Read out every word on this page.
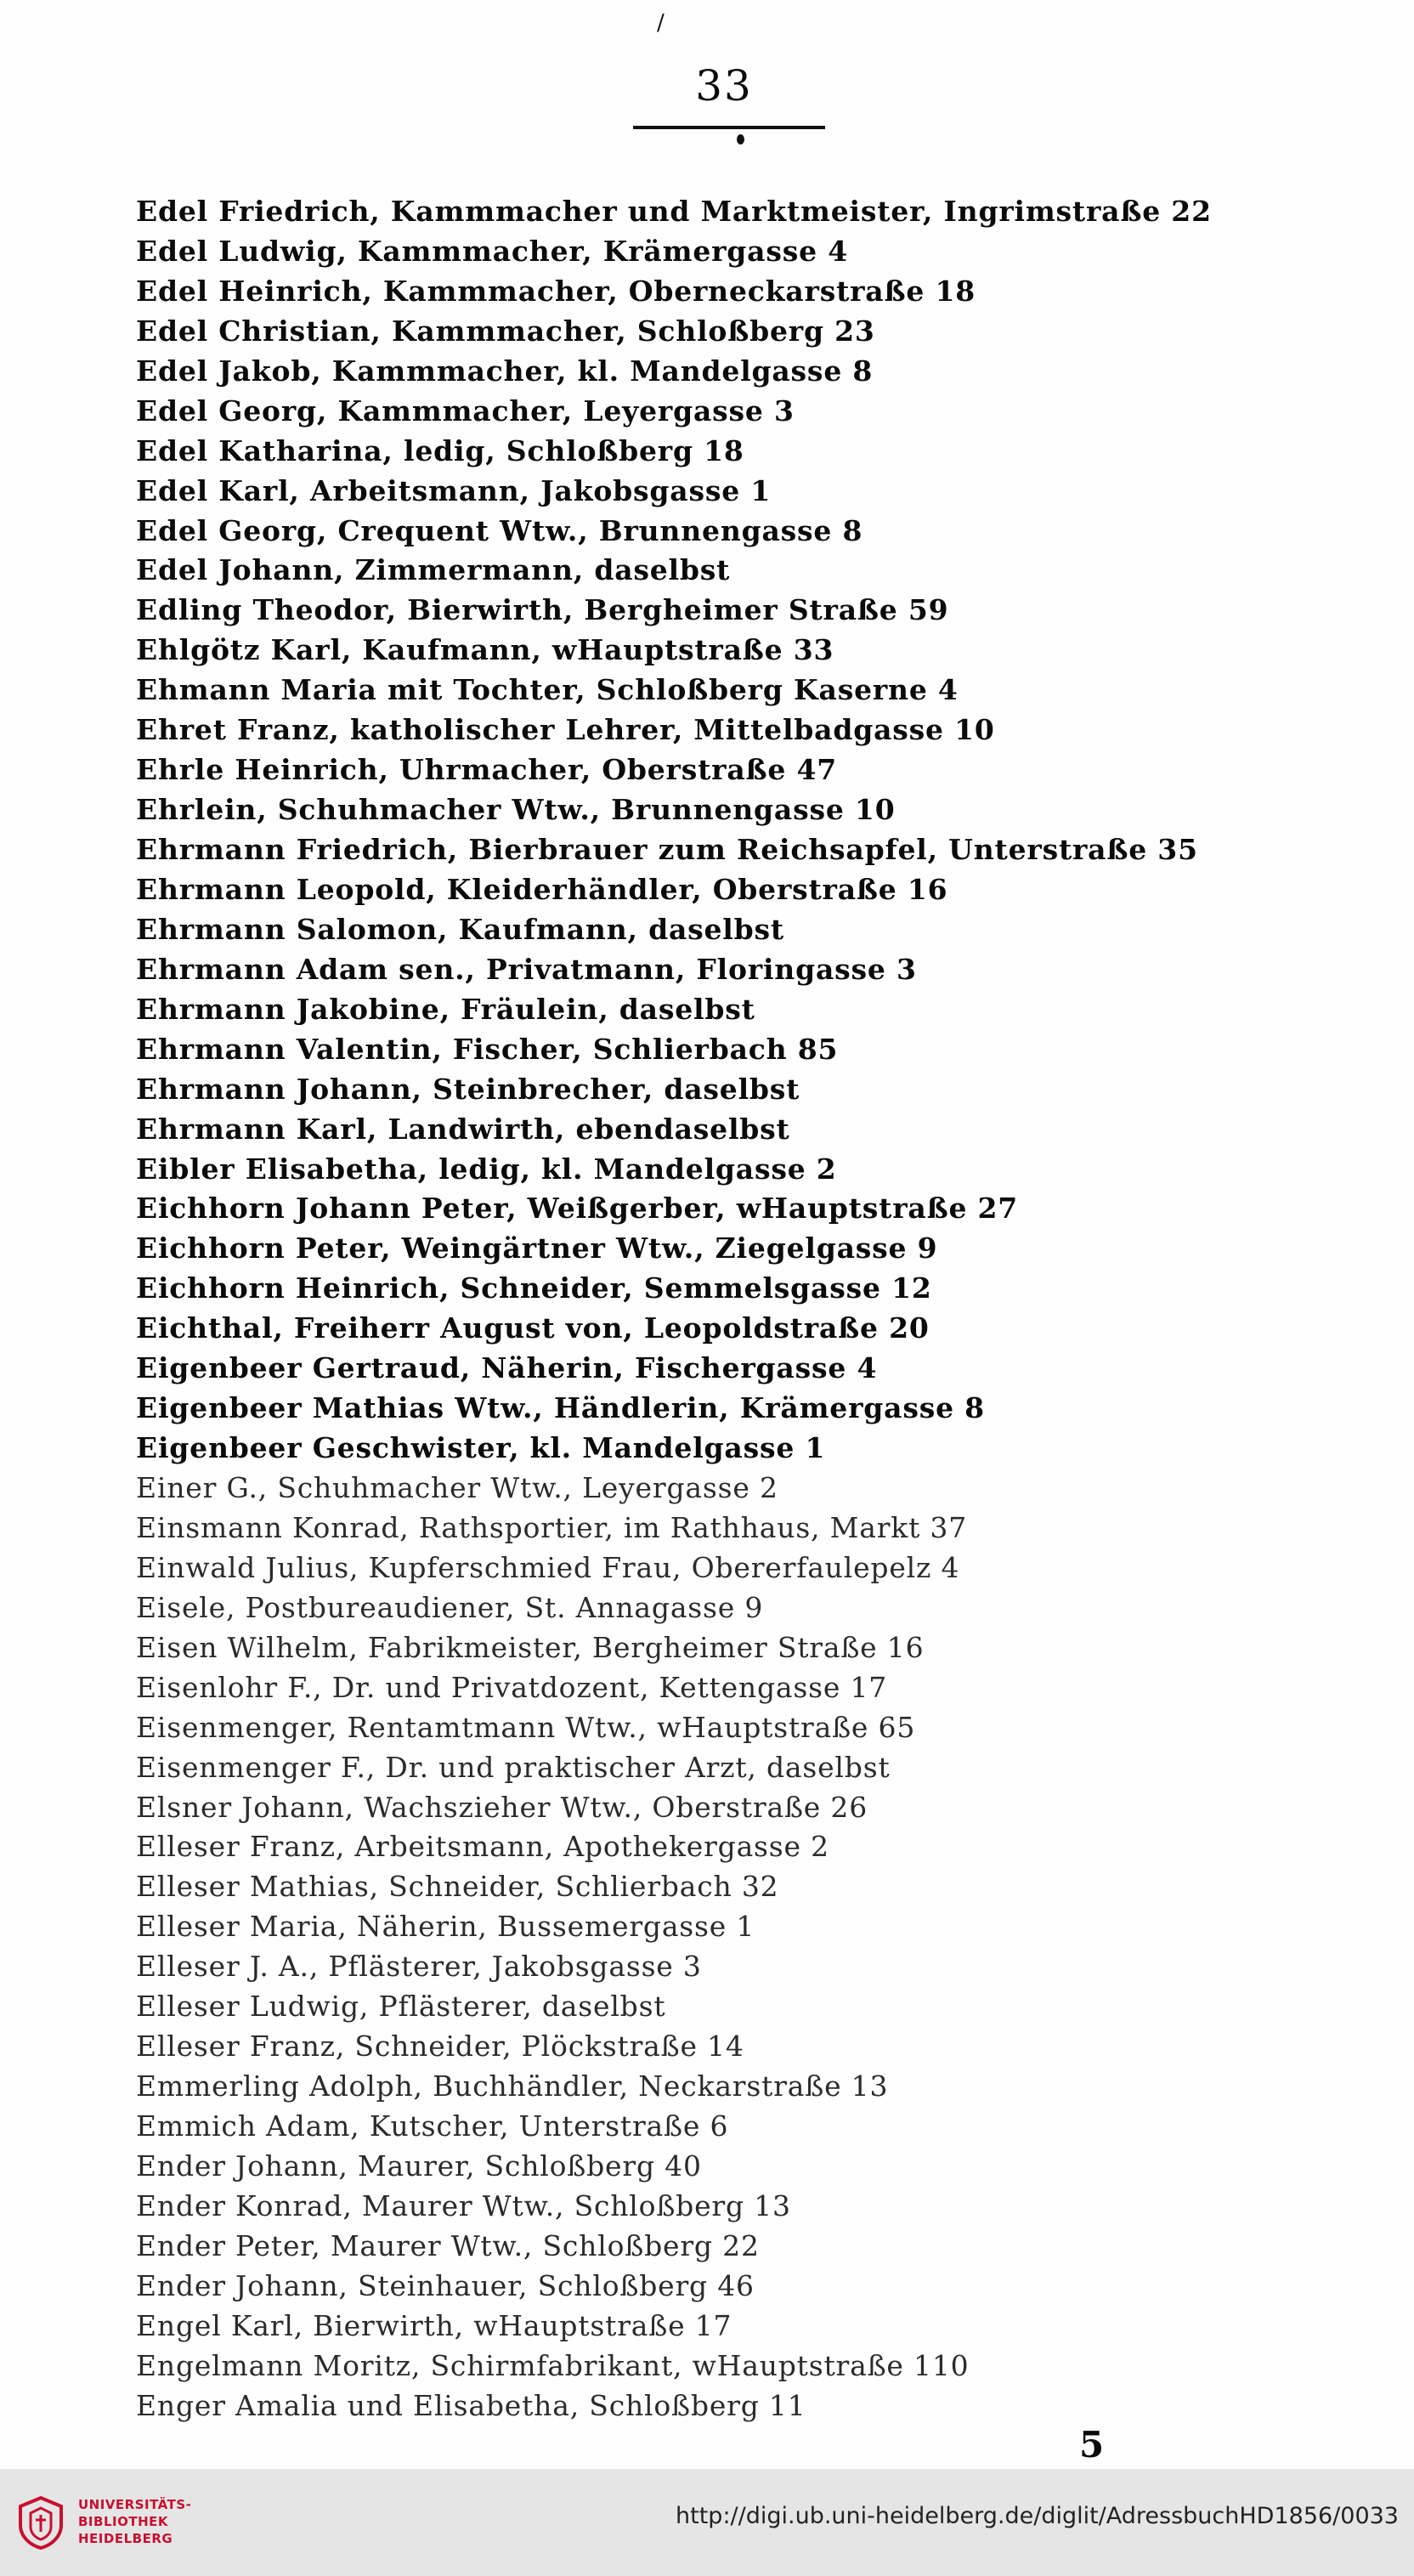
/
33
Edel Friedrich, Kammmacher und Marktmeister, Ingrimstraße 22
Edel Ludwig, Kammmacher, Krämergasse 4
Edel Heinrich, Kammmacher, Oberneckarstraße 18
Edel Christian, Kammmacher, Schloßberg 23
Edel Jakob, Kammmacher, kl. Mandelgasse 8
Edel Georg, Kammmacher, Leyergasse 3
Edel Katharina, ledig, Schloßberg 18
Edel Karl, Arbeitsmann, Jakobsgasse 1
Edel Georg, Crequent Wtw., Brunnengasse 8
Edel Johann, Zimmermann, daselbst
Edling Theodor, Bierwirth, Bergheimer Straße 59
Ehlgötz Karl, Kaufmann, wHauptstraße 33
Ehmann Maria mit Tochter, Schloßberg Kaserne 4
Ehret Franz, katholischer Lehrer, Mittelbadgasse 10
Ehrle Heinrich, Uhrmacher, Oberstraße 47
Ehrlein, Schuhmacher Wtw., Brunnengasse 10
Ehrmann Friedrich, Bierbrauer zum Reichsapfel, Unterstraße 35
Ehrmann Leopold, Kleiderhändler, Oberstraße 16
Ehrmann Salomon, Kaufmann, daselbst
Ehrmann Adam sen., Privatmann, Floringasse 3
Ehrmann Jakobine, Fräulein, daselbst
Ehrmann Valentin, Fischer, Schlierbach 85
Ehrmann Johann, Steinbrecher, daselbst
Ehrmann Karl, Landwirth, ebendaselbst
Eibler Elisabetha, ledig, kl. Mandelgasse 2
Eichhorn Johann Peter, Weißgerber, wHauptstraße 27
Eichhorn Peter, Weingärtner Wtw., Ziegelgasse 9
Eichhorn Heinrich, Schneider, Semmelsgasse 12
Eichthal, Freiherr August von, Leopoldstraße 20
Eigenbeer Gertraud, Näherin, Fischergasse 4
Eigenbeer Mathias Wtw., Händlerin, Krämergasse 8
Eigenbeer Geschwister, kl. Mandelgasse 1
Einer G., Schuhmacher Wtw., Leyergasse 2
Einsmann Konrad, Rathsportier, im Rathhaus, Markt 37
Einwald Julius, Kupferschmied Frau, Obererfaulepelz 4
Eisele, Postbureaudiener, St. Annagasse 9
Eisen Wilhelm, Fabrikmeister, Bergheimer Straße 16
Eisenlohr F., Dr. und Privatdozent, Kettengasse 17
Eisenmenger, Rentamtmann Wtw., wHauptstraße 65
Eisenmenger F., Dr. und praktischer Arzt, daselbst
Elsner Johann, Wachszieher Wtw., Oberstraße 26
Elleser Franz, Arbeitsmann, Apothekergasse 2
Elleser Mathias, Schneider, Schlierbach 32
Elleser Maria, Näherin, Bussemergasse 1
Elleser J. A., Pflästerer, Jakobsgasse 3
Elleser Ludwig, Pflästerer, daselbst
Elleser Franz, Schneider, Plöckstraße 14
Emmerling Adolph, Buchhändler, Neckarstraße 13
Emmich Adam, Kutscher, Unterstraße 6
Ender Johann, Maurer, Schloßberg 40
Ender Konrad, Maurer Wtw., Schloßberg 13
Ender Peter, Maurer Wtw., Schloßberg 22
Ender Johann, Steinhauer, Schloßberg 46
Engel Karl, Bierwirth, wHauptstraße 17
Engelmann Moritz, Schirmfabrikant, wHauptstraße 110
Enger Amalia und Elisabetha, Schloßberg 11
5
UNIVERSITÄTS-
BIBLIOTHEK
HEIDELBERG
http://digi.ub.uni-heidelberg.de/diglit/AdressbuchHD1856/0033
